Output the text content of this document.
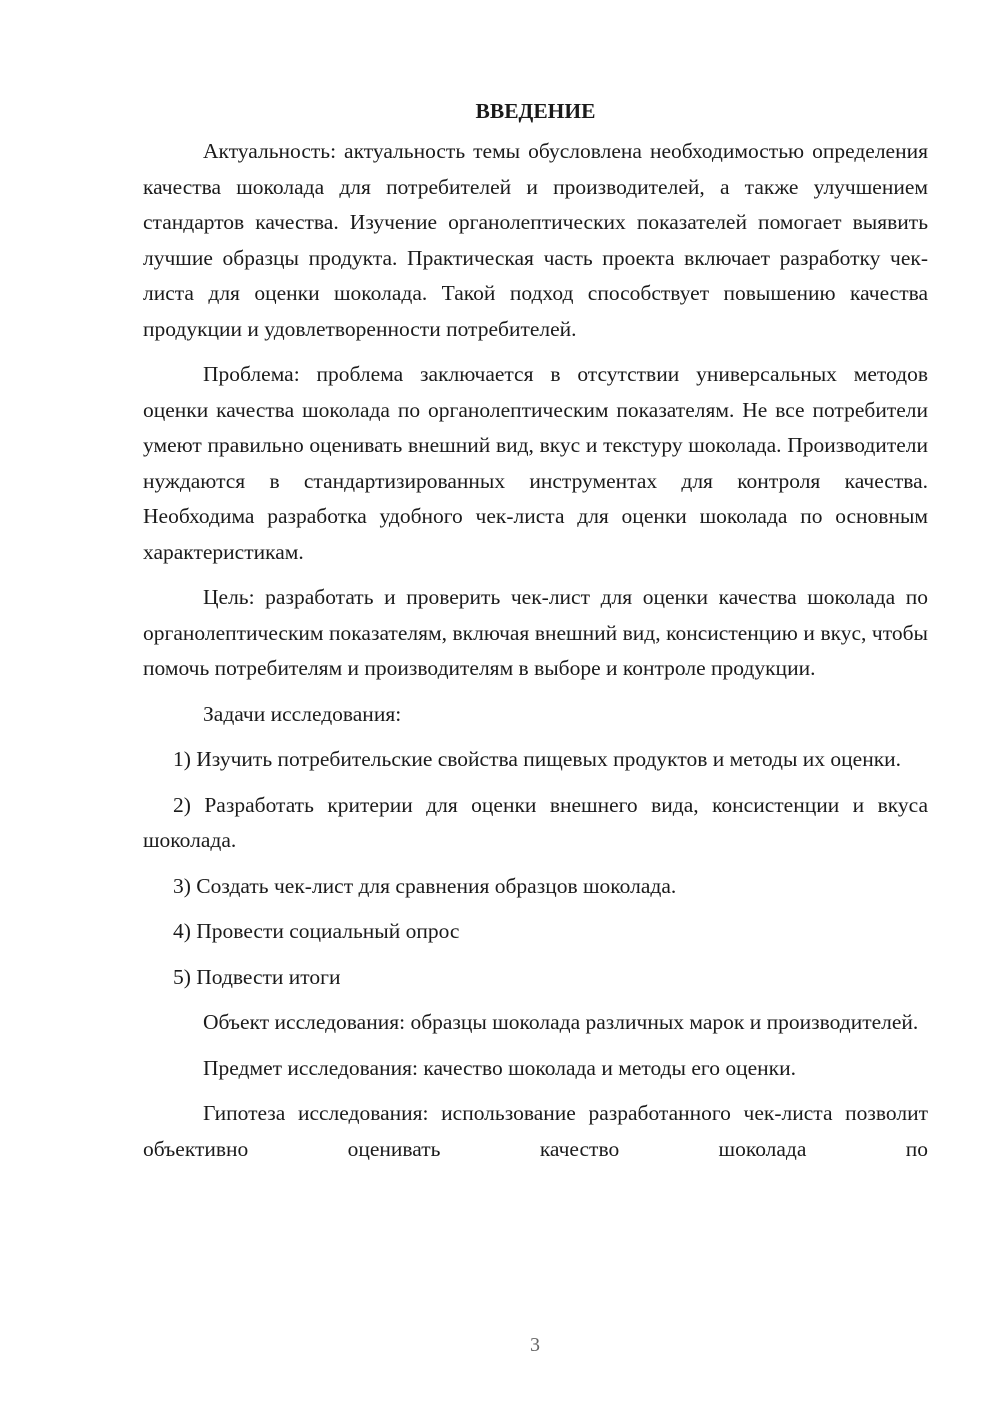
ВВЕДЕНИЕ

Актуальность: актуальность темы обусловлена необходимостью определения качества шоколада для потребителей и производителей, а также улучшением стандартов качества. Изучение органолептических показателей помогает выявить лучшие образцы продукта. Практическая часть проекта включает разработку чек-листа для оценки шоколада. Такой подход способствует повышению качества продукции и удовлетворенности потребителей.

Проблема: проблема заключается в отсутствии универсальных методов оценки качества шоколада по органолептическим показателям. Не все потребители умеют правильно оценивать внешний вид, вкус и текстуру шоколада. Производители нуждаются в стандартизированных инструментах для контроля качества. Необходима разработка удобного чек-листа для оценки шоколада по основным характеристикам.

Цель: разработать и проверить чек-лист для оценки качества шоколада по органолептическим показателям, включая внешний вид, консистенцию и вкус, чтобы помочь потребителям и производителям в выборе и контроле продукции.

Задачи исследования:

1) Изучить потребительские свойства пищевых продуктов и методы их оценки.

2) Разработать критерии для оценки внешнего вида, консистенции и вкуса шоколада.

3) Создать чек-лист для сравнения образцов шоколада.

4) Провести социальный опрос

5) Подвести итоги

Объект исследования: образцы шоколада различных марок и производителей.

Предмет исследования: качество шоколада и методы его оценки.

Гипотеза исследования: использование разработанного чек-листа позволит объективно оценивать качество шоколада по

3
